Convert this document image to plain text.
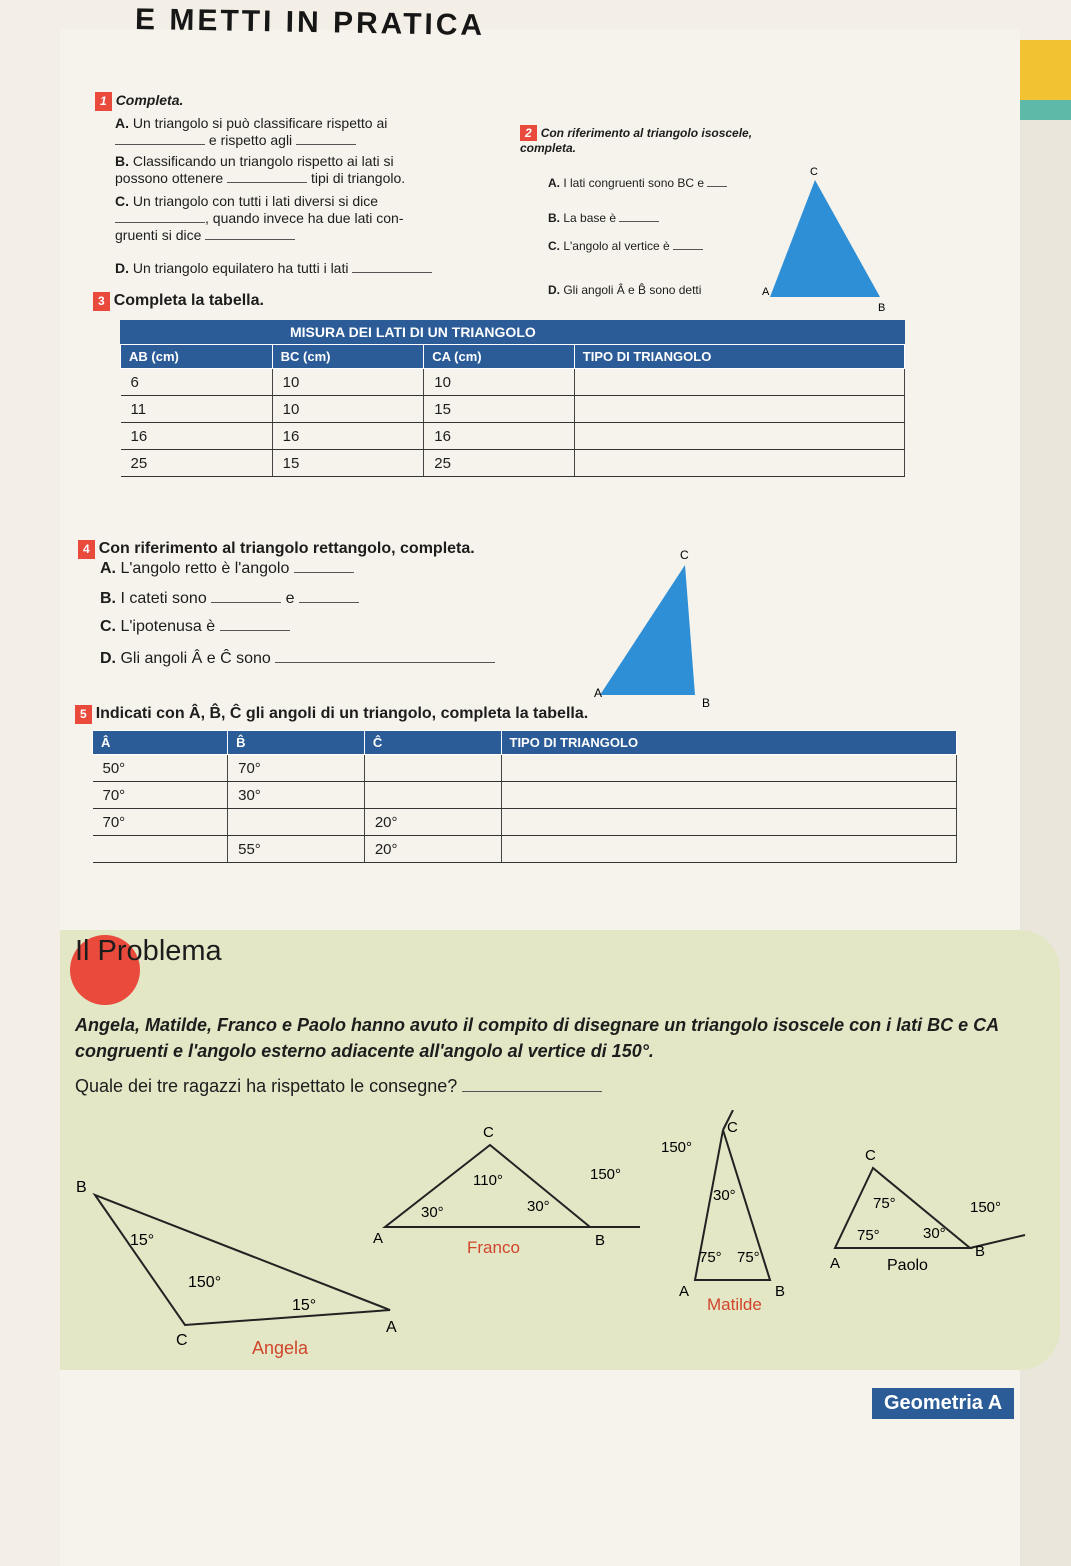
E METTI IN PRATICA
1 Completa.
A. Un triangolo si può classificare rispetto ai
e rispetto agli
B. Classificando un triangolo rispetto ai lati si
possono ottenere	tipi di triangolo.
C. Un triangolo con tutti i lati diversi si dice
, quando invece ha due lati con-
gruenti si dice
D. Un triangolo equilatero ha tutti i lati
2 Con riferimento al triangolo isoscele, completa.
A. I lati congruenti sono BC e
B. La base è
C. L'angolo al vertice è
D. Gli angoli Â e B̂ sono detti
C
A
B
3 Completa la tabella.
MISURA DEI LATI DI UN TRIANGOLO
AB (cm)	BC (cm)	CA (cm)	TIPO DI TRIANGOLO
6	10	10	
11	10	15	
16	16	16	
25	15	25	
4 Con riferimento al triangolo rettangolo, completa.
A. L'angolo retto è l'angolo
B. I cateti sono	e
C. L'ipotenusa è
D. Gli angoli Â e Ĉ sono
C
A
B
5 Indicati con Â, B̂, Ĉ gli angoli di un triangolo, completa la tabella.
Â	B̂	Ĉ	TIPO DI TRIANGOLO
50°	70°		
70°	30°		
70°		20°	
	55°	20°	
Il Problema
Angela, Matilde, Franco e Paolo hanno avuto il compito di disegnare un triangolo isoscele con i lati BC e CA congruenti e l'angolo esterno adiacente all'angolo al vertice di 150°.
Quale dei tre ragazzi ha rispettato le consegne?
B
C
A
15°
150°
15°
Angela
C
A	B
110°
30°	30°
150°
Franco
C
150°
30°
75° 75°
A	B
Matilde
C
75°
75°	30°
150°
A
B
Paolo
Geometria A
